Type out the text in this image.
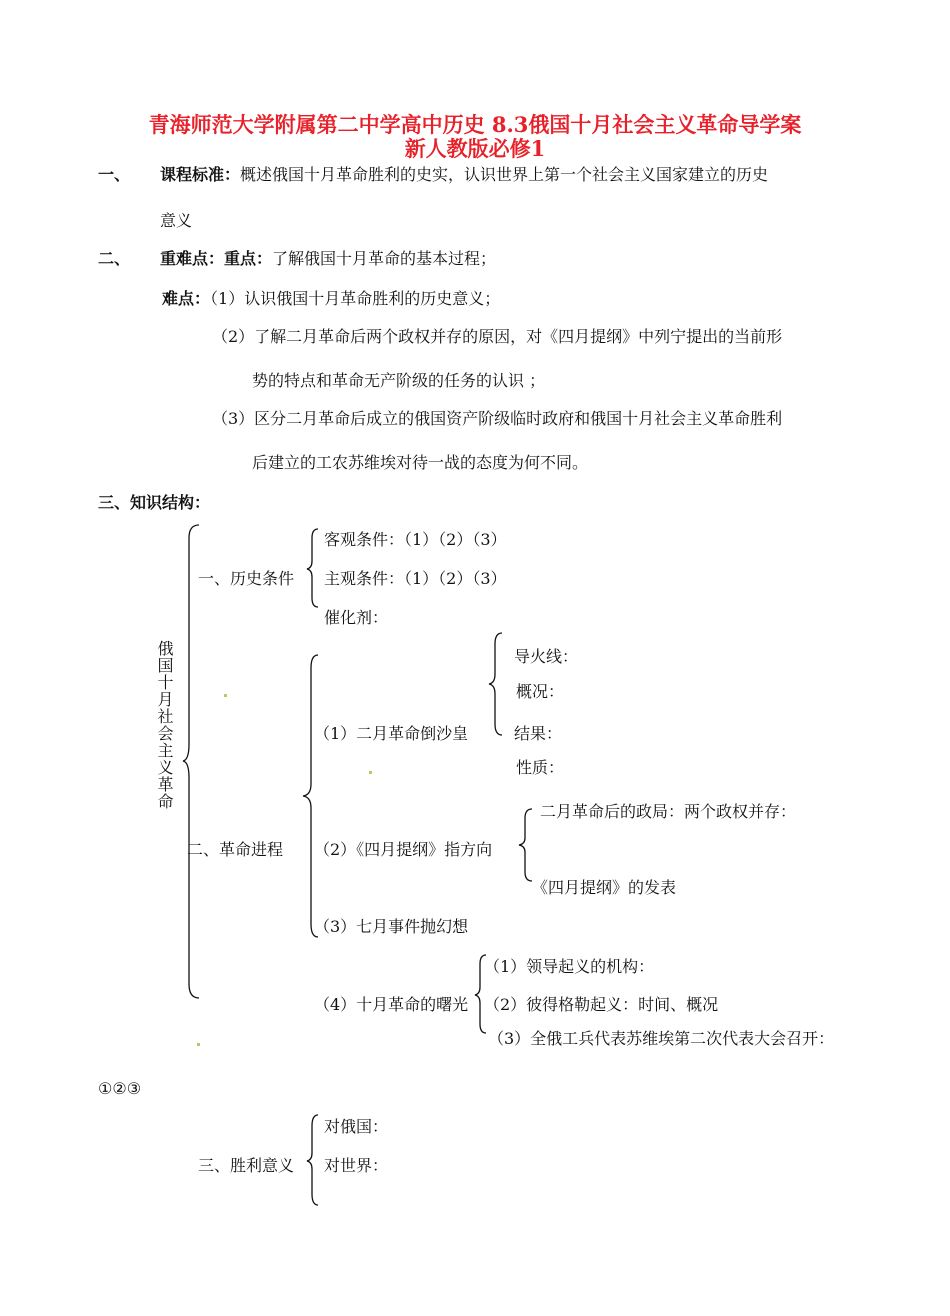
青海师范大学附属第二中学高中历史 8.3俄国十月社会主义革命导学案
新人教版必修1
一、 课程标准：概述俄国十月革命胜利的史实，认识世界上第一个社会主义国家建立的历史
意义
二、 重难点：重点：了解俄国十月革命的基本过程；
难点：（1）认识俄国十月革命胜利的历史意义；
（2）了解二月革命后两个政权并存的原因，对《四月提纲》中列宁提出的当前形
势的特点和革命无产阶级的任务的认识 ；
（3）区分二月革命后成立的俄国资产阶级临时政府和俄国十月社会主义革命胜利
后建立的工农苏维埃对待一战的态度为何不同。
三、知识结构：
俄国十月社会主义革命
一、历史条件
客观条件：（1）（2）（3）
主观条件：（1）（2）（3）
催化剂：
二、革命进程
（1）二月革命倒沙皇
导火线：
概况：
结果：
性质：
（2）《四月提纲》指方向
二月革命后的政局：两个政权并存：
《四月提纲》的发表
（3）七月事件抛幻想
（4）十月革命的曙光
（1）领导起义的机构：
（2）彼得格勒起义：时间、概况
（3）全俄工兵代表苏维埃第二次代表大会召开：
①②③
三、胜利意义
对俄国：
对世界：
